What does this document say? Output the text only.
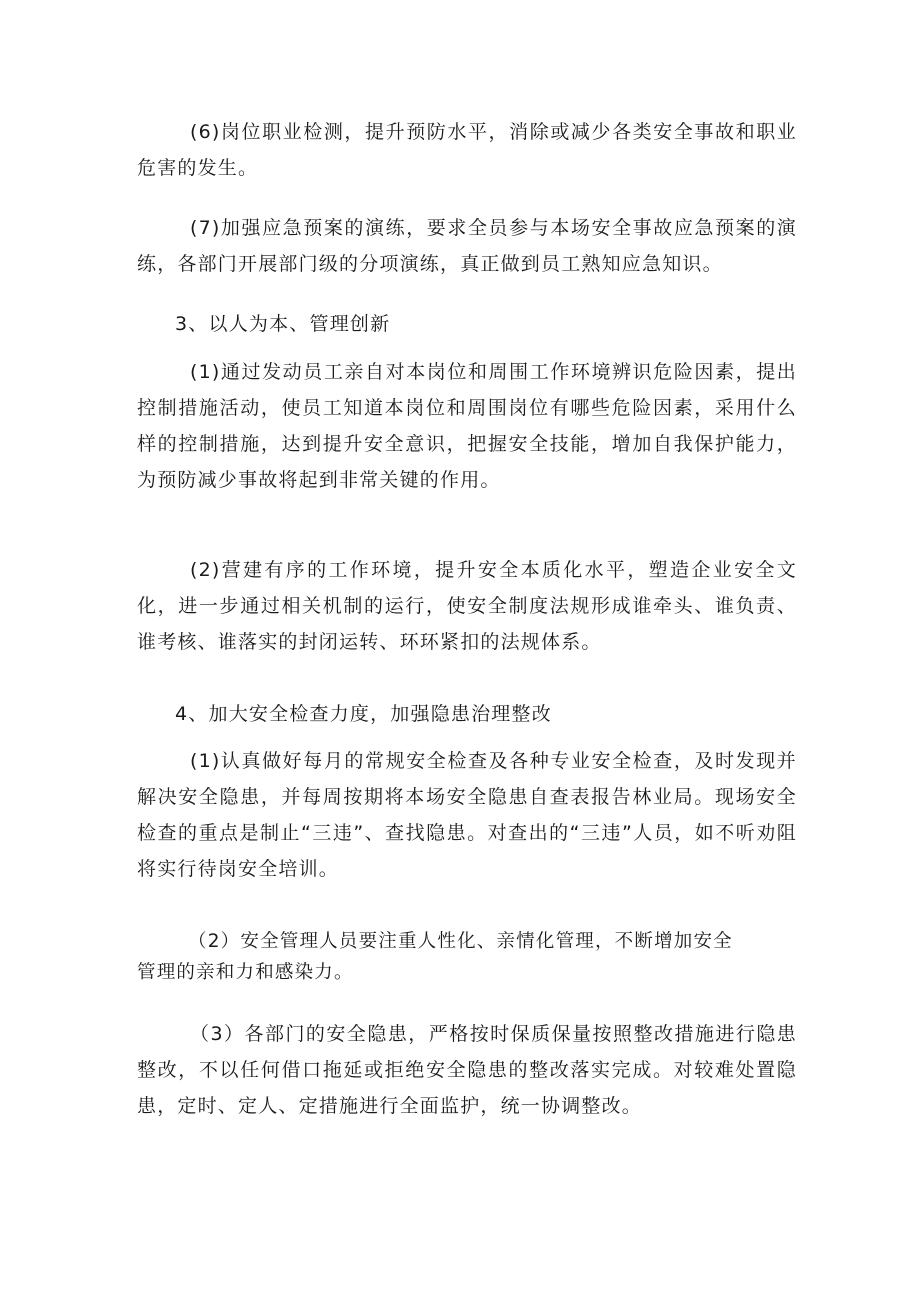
(6)岗位职业检测，提升预防水平，消除或减少各类安全事故和职业危害的发生。

(7)加强应急预案的演练，要求全员参与本场安全事故应急预案的演练，各部门开展部门级的分项演练，真正做到员工熟知应急知识。

3、以人为本、管理创新

(1)通过发动员工亲自对本岗位和周围工作环境辨识危险因素，提出控制措施活动，使员工知道本岗位和周围岗位有哪些危险因素，采用什么样的控制措施，达到提升安全意识，把握安全技能，增加自我保护能力，为预防减少事故将起到非常关键的作用。

(2)营建有序的工作环境，提升安全本质化水平，塑造企业安全文化，进一步通过相关机制的运行，使安全制度法规形成谁牵头、谁负责、谁考核、谁落实的封闭运转、环环紧扣的法规体系。

4、加大安全检查力度，加强隐患治理整改

(1)认真做好每月的常规安全检查及各种专业安全检查，及时发现并解决安全隐患，并每周按期将本场安全隐患自查表报告林业局。现场安全检查的重点是制止“三违”、查找隐患。对查出的“三违”人员，如不听劝阻将实行待岗安全培训。

（2）安全管理人员要注重人性化、亲情化管理，不断增加安全
管理的亲和力和感染力。

（3）各部门的安全隐患，严格按时保质保量按照整改措施进行隐患整改，不以任何借口拖延或拒绝安全隐患的整改落实完成。对较难处置隐患，定时、定人、定措施进行全面监护，统一协调整改。
